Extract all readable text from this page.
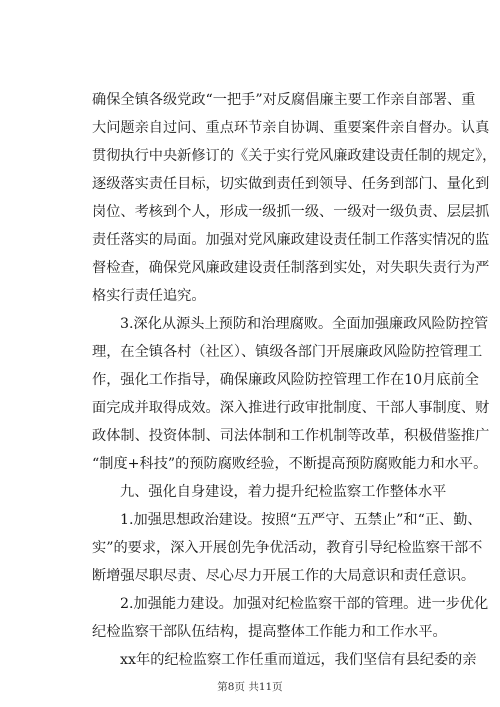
确保全镇各级党政“一把手”对反腐倡廉主要工作亲自部署、重
大问题亲自过问、重点环节亲自协调、重要案件亲自督办。认真
贯彻执行中央新修订的《关于实行党风廉政建设责任制的规定》，
逐级落实责任目标，切实做到责任到领导、任务到部门、量化到
岗位、考核到个人，形成一级抓一级、一级对一级负责、层层抓
责任落实的局面。加强对党风廉政建设责任制工作落实情况的监
督检查，确保党风廉政建设责任制落到实处，对失职失责行为严
格实行责任追究。
3.深化从源头上预防和治理腐败。全面加强廉政风险防控管
理，在全镇各村（社区）、镇级各部门开展廉政风险防控管理工
作，强化工作指导，确保廉政风险防控管理工作在10月底前全
面完成并取得成效。深入推进行政审批制度、干部人事制度、财
政体制、投资体制、司法体制和工作机制等改革，积极借鉴推广
“制度+科技”的预防腐败经验，不断提高预防腐败能力和水平。
九、强化自身建设，着力提升纪检监察工作整体水平
1.加强思想政治建设。按照“五严守、五禁止”和“正、勤、
实”的要求，深入开展创先争优活动，教育引导纪检监察干部不
断增强尽职尽责、尽心尽力开展工作的大局意识和责任意识。
2.加强能力建设。加强对纪检监察干部的管理。进一步优化
纪检监察干部队伍结构，提高整体工作能力和工作水平。
xx年的纪检监察工作任重而道远，我们坚信有县纪委的亲
第8页 共11页
